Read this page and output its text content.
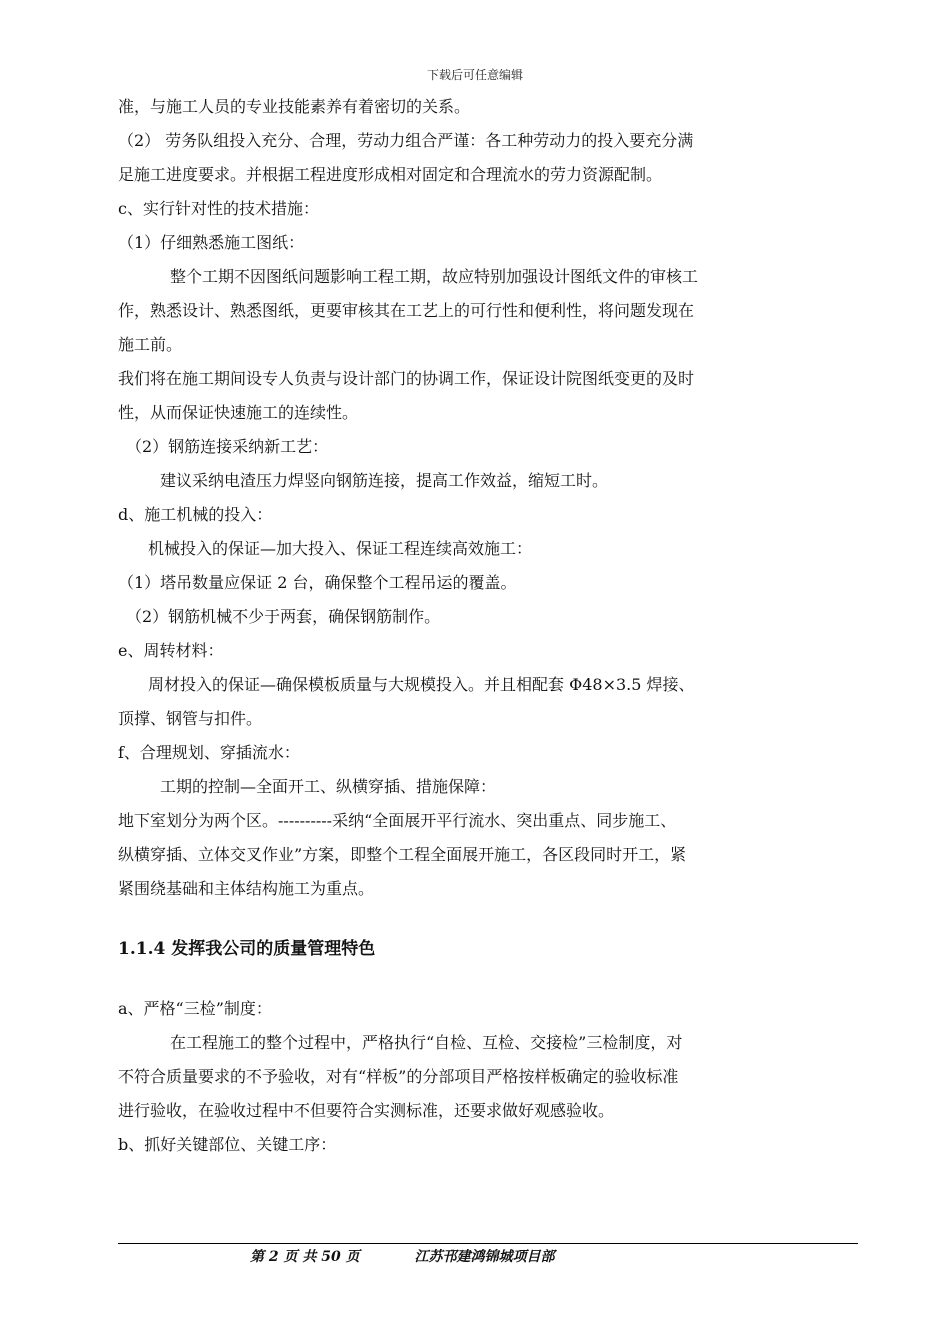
下载后可任意编辑
准，与施工人员的专业技能素养有着密切的关系。
（2） 劳务队组投入充分、合理，劳动力组合严谨：各工种劳动力的投入要充分满
足施工进度要求。并根据工程进度形成相对固定和合理流水的劳力资源配制。
c、实行针对性的技术措施：
（1）仔细熟悉施工图纸：
整个工期不因图纸问题影响工程工期，故应特别加强设计图纸文件的审核工
作，熟悉设计、熟悉图纸，更要审核其在工艺上的可行性和便利性，将问题发现在
施工前。
我们将在施工期间设专人负责与设计部门的协调工作，保证设计院图纸变更的及时
性，从而保证快速施工的连续性。
（2）钢筋连接采纳新工艺：
建议采纳电渣压力焊竖向钢筋连接，提高工作效益，缩短工时。
d、施工机械的投入：
机械投入的保证—加大投入、保证工程连续高效施工：
（1）塔吊数量应保证 2 台，确保整个工程吊运的覆盖。
（2）钢筋机械不少于两套，确保钢筋制作。
e、周转材料：
周材投入的保证—确保模板质量与大规模投入。并且相配套 Φ48×3.5 焊接、
顶撑、钢管与扣件。
f、合理规划、穿插流水：
工期的控制—全面开工、纵横穿插、措施保障：
地下室划分为两个区。----------采纳“全面展开平行流水、突出重点、同步施工、
纵横穿插、立体交叉作业”方案，即整个工程全面展开施工，各区段同时开工，紧
紧围绕基础和主体结构施工为重点。
1.1.4 发挥我公司的质量管理特色
a、严格“三检”制度：
在工程施工的整个过程中，严格执行“自检、互检、交接检”三检制度，对
不符合质量要求的不予验收，对有“样板”的分部项目严格按样板确定的验收标准
进行验收，在验收过程中不但要符合实测标准，还要求做好观感验收。
b、抓好关键部位、关键工序：
第 2 页 共 50 页	江苏邗建鸿锦城项目部
